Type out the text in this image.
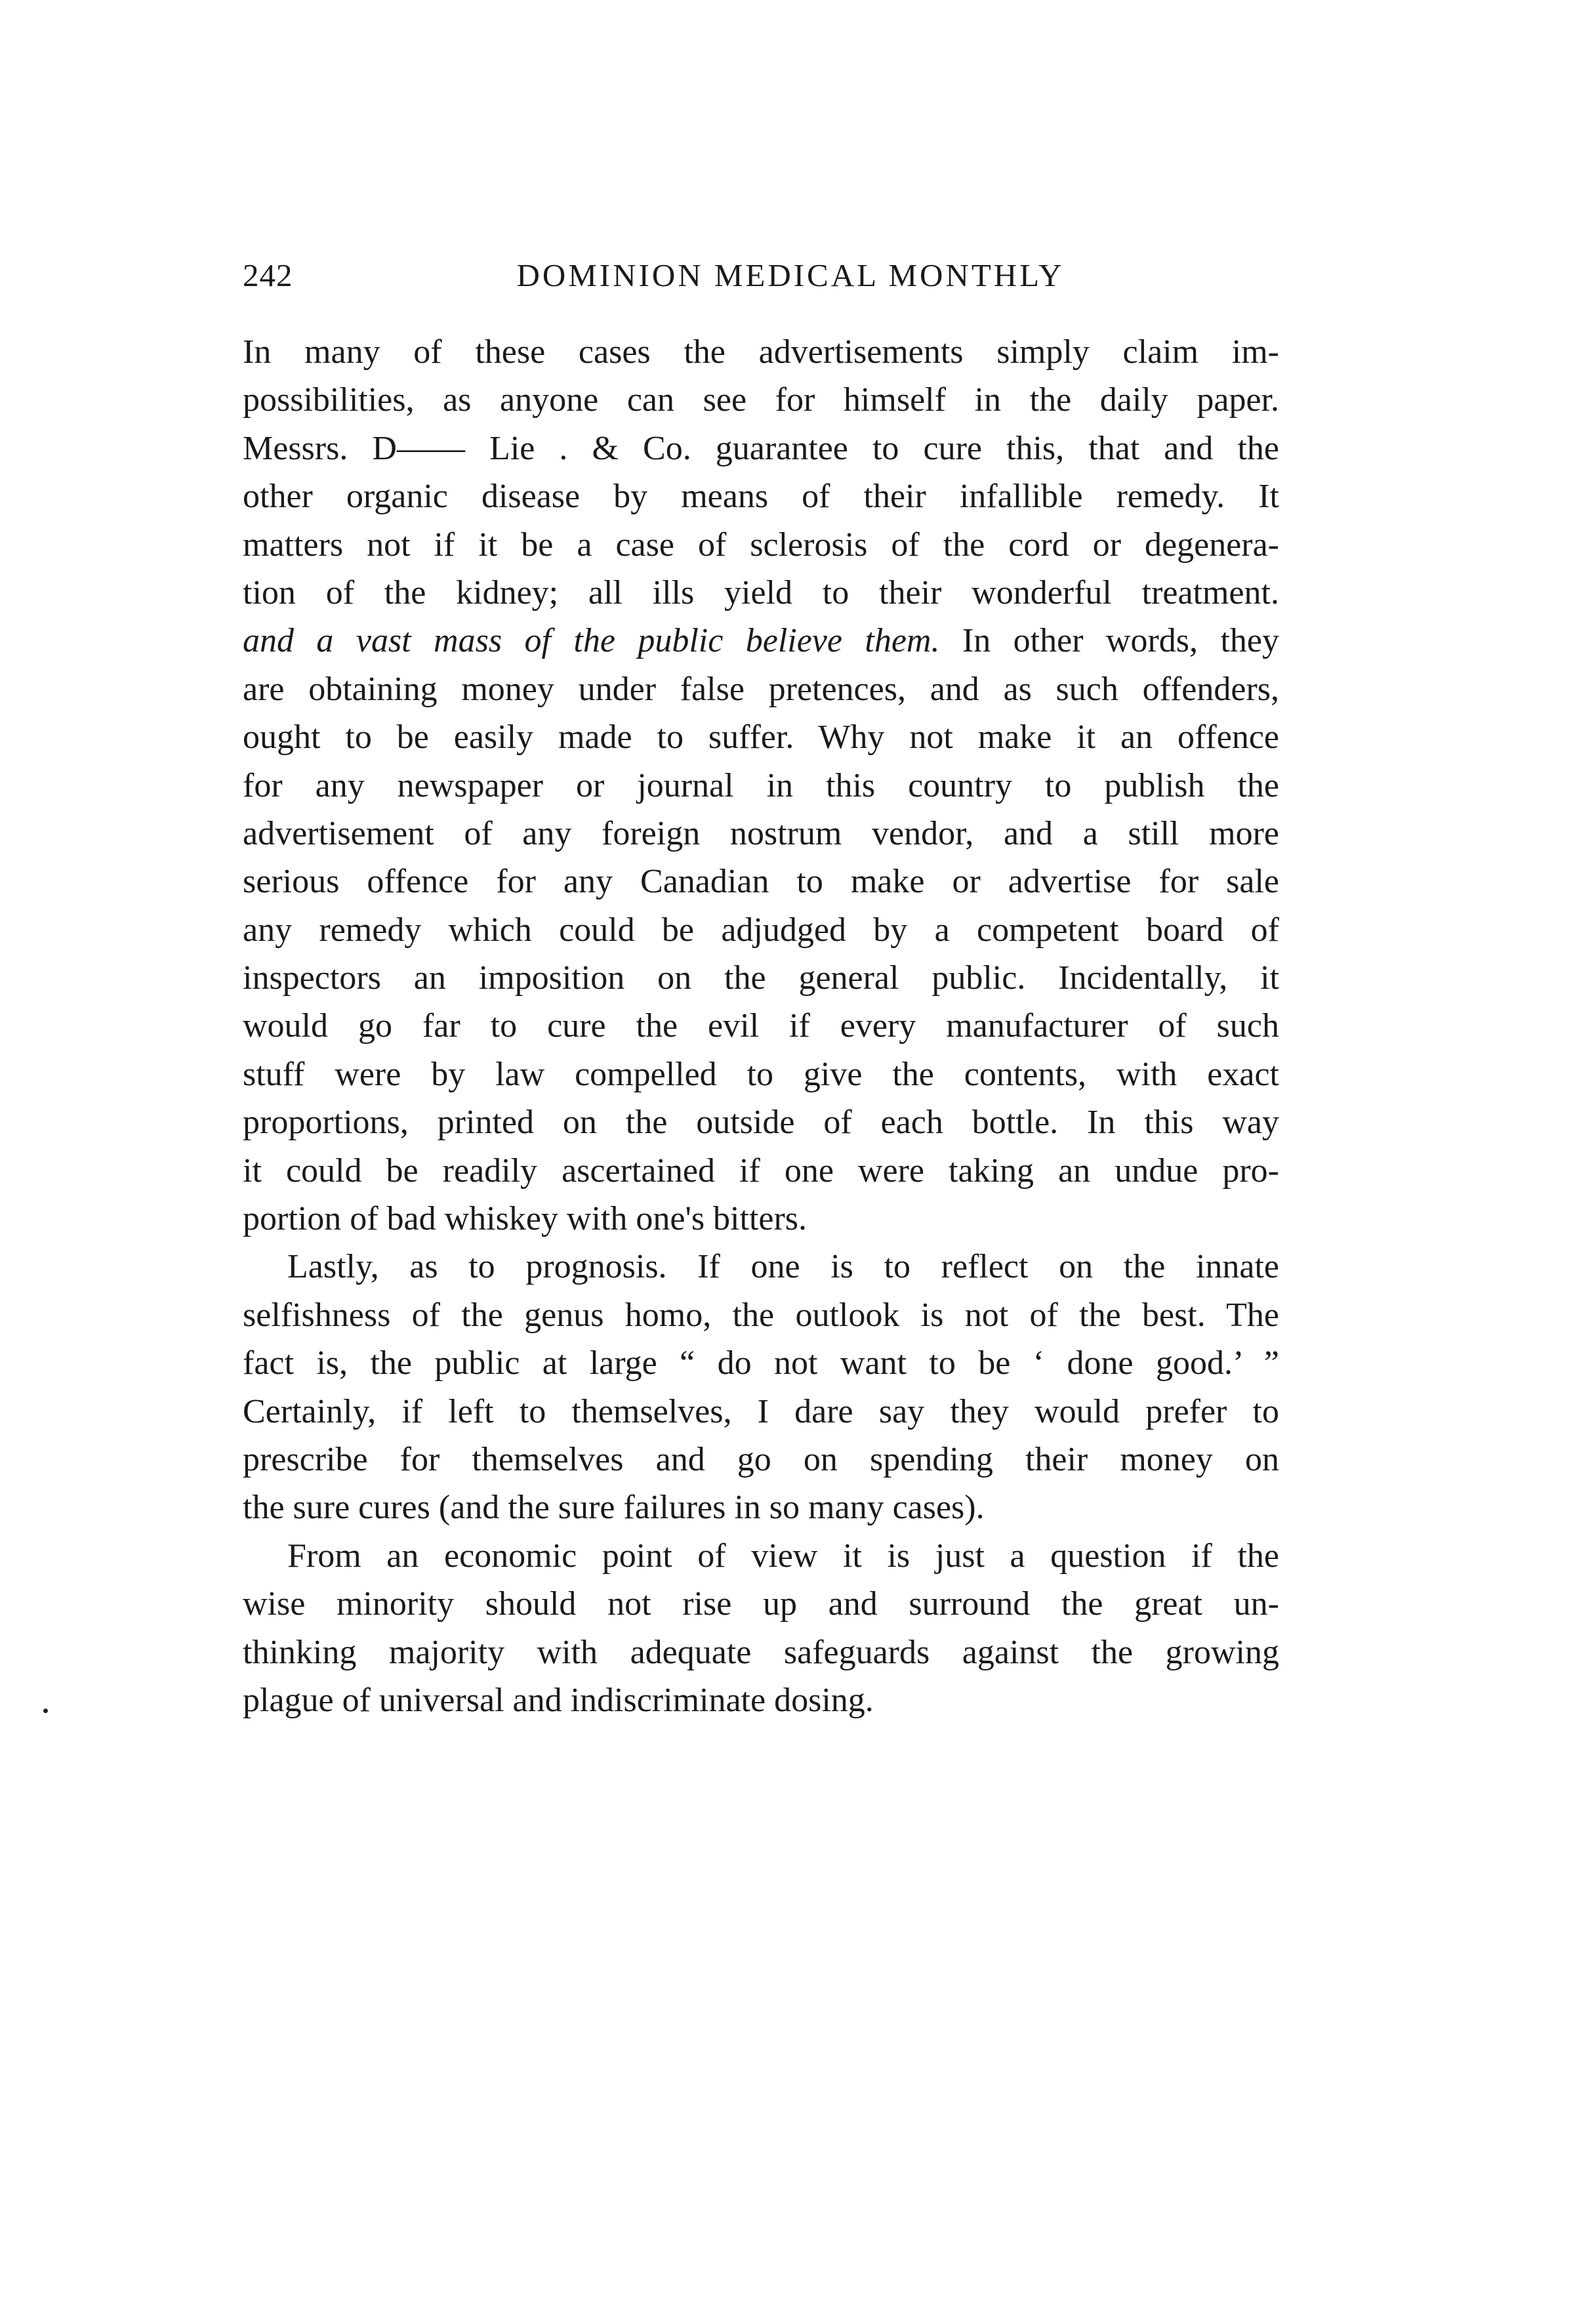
242	DOMINION MEDICAL MONTHLY
In many of these cases the advertisements simply claim im-
possibilities, as anyone can see for himself in the daily paper.
Messrs. D—— Lie . & Co. guarantee to cure this, that and the
other organic disease by means of their infallible remedy. It
matters not if it be a case of sclerosis of the cord or degenera-
tion of the kidney; all ills yield to their wonderful treatment.
and a vast mass of the public believe them. In other words, they
are obtaining money under false pretences, and as such offenders,
ought to be easily made to suffer. Why not make it an offence
for any newspaper or journal in this country to publish the
advertisement of any foreign nostrum vendor, and a still more
serious offence for any Canadian to make or advertise for sale
any remedy which could be adjudged by a competent board of
inspectors an imposition on the general public. Incidentally, it
would go far to cure the evil if every manufacturer of such
stuff were by law compelled to give the contents, with exact
proportions, printed on the outside of each bottle. In this way
it could be readily ascertained if one were taking an undue pro-
portion of bad whiskey with one's bitters.
Lastly, as to prognosis. If one is to reflect on the innate
selfishness of the genus homo, the outlook is not of the best. The
fact is, the public at large “ do not want to be ‘ done good.’ ”
Certainly, if left to themselves, I dare say they would prefer to
prescribe for themselves and go on spending their money on
the sure cures (and the sure failures in so many cases).
From an economic point of view it is just a question if the
wise minority should not rise up and surround the great un-
thinking majority with adequate safeguards against the growing
plague of universal and indiscriminate dosing.
